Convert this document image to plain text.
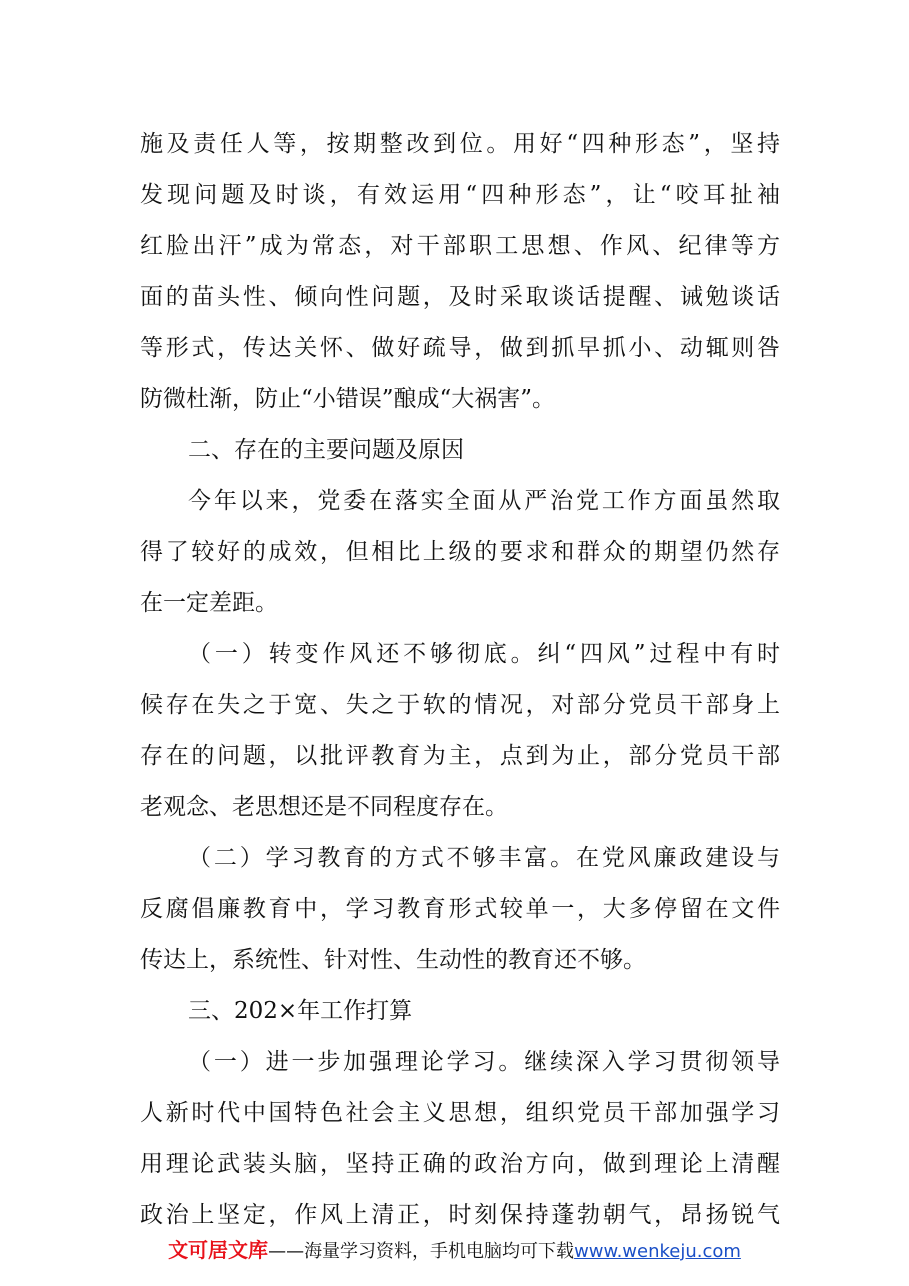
施及责任人等，按期整改到位。用好“四种形态”，坚持
发现问题及时谈，有效运用“四种形态”，让“咬耳扯袖
红脸出汗”成为常态，对干部职工思想、作风、纪律等方
面的苗头性、倾向性问题，及时采取谈话提醒、诫勉谈话
等形式，传达关怀、做好疏导，做到抓早抓小、动辄则咎
防微杜渐，防止“小错误”酿成“大祸害”。
二、存在的主要问题及原因
今年以来，党委在落实全面从严治党工作方面虽然取
得了较好的成效，但相比上级的要求和群众的期望仍然存
在一定差距。
（一）转变作风还不够彻底。纠“四风”过程中有时
候存在失之于宽、失之于软的情况，对部分党员干部身上
存在的问题，以批评教育为主，点到为止，部分党员干部
老观念、老思想还是不同程度存在。
（二）学习教育的方式不够丰富。在党风廉政建设与
反腐倡廉教育中，学习教育形式较单一，大多停留在文件
传达上，系统性、针对性、生动性的教育还不够。
三、202×年工作打算
（一）进一步加强理论学习。继续深入学习贯彻领导
人新时代中国特色社会主义思想，组织党员干部加强学习
用理论武装头脑，坚持正确的政治方向，做到理论上清醒
政治上坚定，作风上清正，时刻保持蓬勃朝气，昂扬锐气
文可居文库——海量学习资料，手机电脑均可下载www.wenkeju.com
